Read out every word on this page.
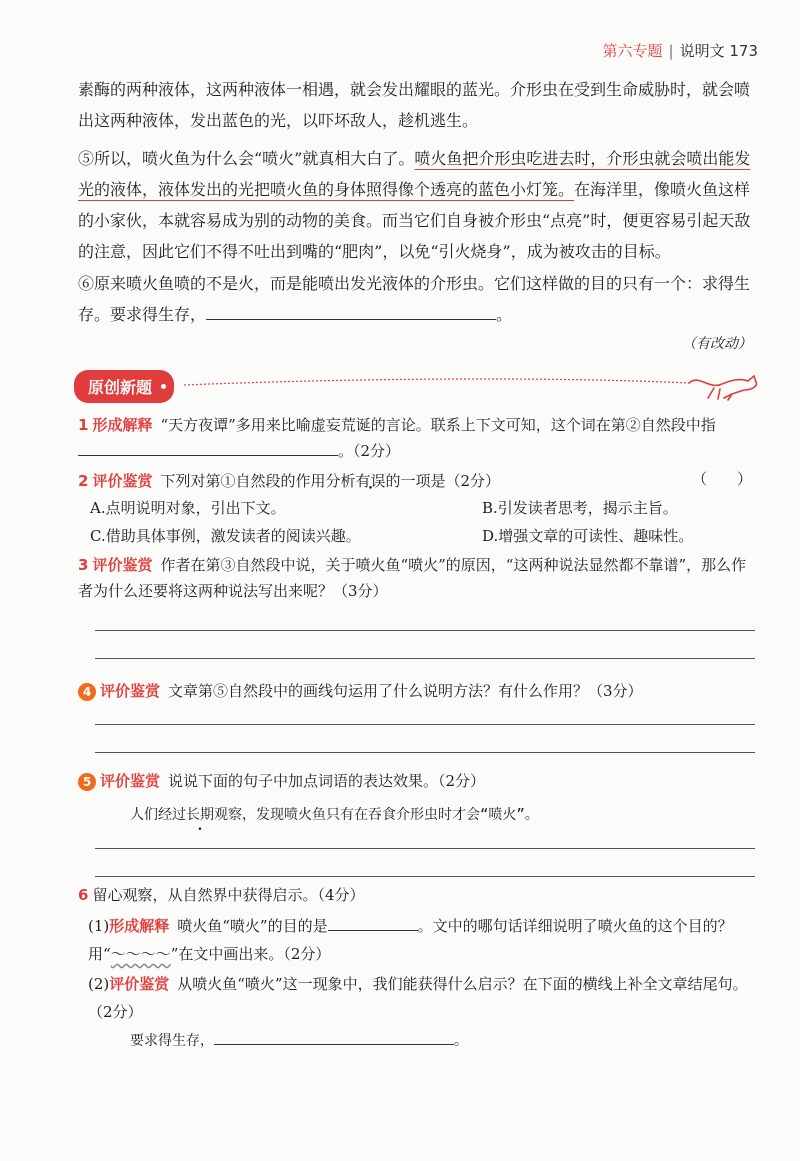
第六专题 | 说明文 173

素酶的两种液体，这两种液体一相遇，就会发出耀眼的蓝光。介形虫在受到生命威胁时，就会喷出这两种液体，发出蓝色的光，以吓坏敌人，趁机逃生。

⑤所以，喷火鱼为什么会“喷火”就真相大白了。喷火鱼把介形虫吃进去时，介形虫就会喷出能发光的液体，液体发出的光把喷火鱼的身体照得像个透亮的蓝色小灯笼。在海洋里，像喷火鱼这样的小家伙，本就容易成为别的动物的美食。而当它们自身被介形虫“点亮”时，便更容易引起天敌的注意，因此它们不得不吐出到嘴的“肥肉”，以免“引火烧身”，成为被攻击的目标。

⑥原来喷火鱼喷的不是火，而是能喷出发光液体的介形虫。它们这样做的目的只有一个：求得生存。要求得生存，	。

（有改动）
原创新题

1 形成解释 “天方夜谭”多用来比喻虚妄荒诞的言论。联系上下文可知，这个词在第②自然段中指。（2分）

2 评价鉴赏 下列对第①自然段的作用分析有误的一项是（2分）	（　　）
A.点明说明对象，引出下文。	B.引发读者思考，揭示主旨。
C.借助具体事例，激发读者的阅读兴趣。	D.增强文章的可读性、趣味性。

3 评价鉴赏 作者在第③自然段中说，关于喷火鱼“喷火”的原因，“这两种说法显然都不靠谱”，那么作者为什么还要将这两种说法写出来呢？（3分）

4 评价鉴赏 文章第⑤自然段中的画线句运用了什么说明方法？有什么作用？（3分）

5 评价鉴赏 说说下面的句子中加点词语的表达效果。（2分）

人们经过长期观察，发现喷火鱼只有在吞食介形虫时才会“喷火”。

6 留心观察，从自然界中获得启示。（4分）

(1)形成解释 喷火鱼“喷火”的目的是	。文中的哪句话详细说明了喷火鱼的这个目的？用“～～～～”在文中画出来。（2分）

(2)评价鉴赏 从喷火鱼“喷火”这一现象中，我们能获得什么启示？在下面的横线上补全文章结尾句。（2分）

要求得生存，	。
